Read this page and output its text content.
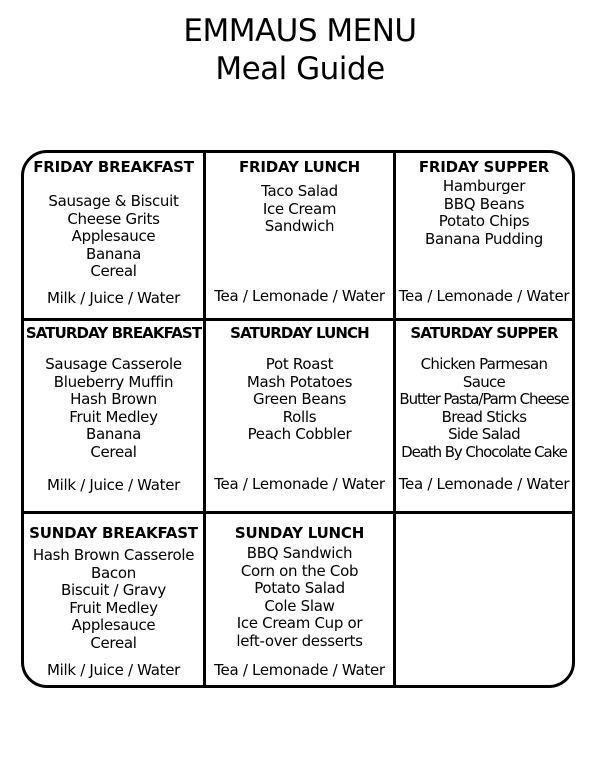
EMMAUS MENU
Meal Guide
FRIDAY BREAKFAST
Sausage & Biscuit
Cheese Grits
Applesauce
Banana
Cereal
Milk / Juice / Water
FRIDAY LUNCH
Taco Salad
Ice Cream
Sandwich
Tea / Lemonade / Water
FRIDAY SUPPER
Hamburger
BBQ Beans
Potato Chips
Banana Pudding
Tea / Lemonade / Water
SATURDAY BREAKFAST
Sausage Casserole
Blueberry Muffin
Hash Brown
Fruit Medley
Banana
Cereal
Milk / Juice / Water
SATURDAY LUNCH
Pot Roast
Mash Potatoes
Green Beans
Rolls
Peach Cobbler
Tea / Lemonade / Water
SATURDAY SUPPER
Chicken Parmesan
Sauce
Butter Pasta/Parm Cheese
Bread Sticks
Side Salad
Death By Chocolate Cake
Tea / Lemonade / Water
SUNDAY BREAKFAST
Hash Brown Casserole
Bacon
Biscuit / Gravy
Fruit Medley
Applesauce
Cereal
Milk / Juice / Water
SUNDAY LUNCH
BBQ Sandwich
Corn on the Cob
Potato Salad
Cole Slaw
Ice Cream Cup or
left-over desserts
Tea / Lemonade / Water
